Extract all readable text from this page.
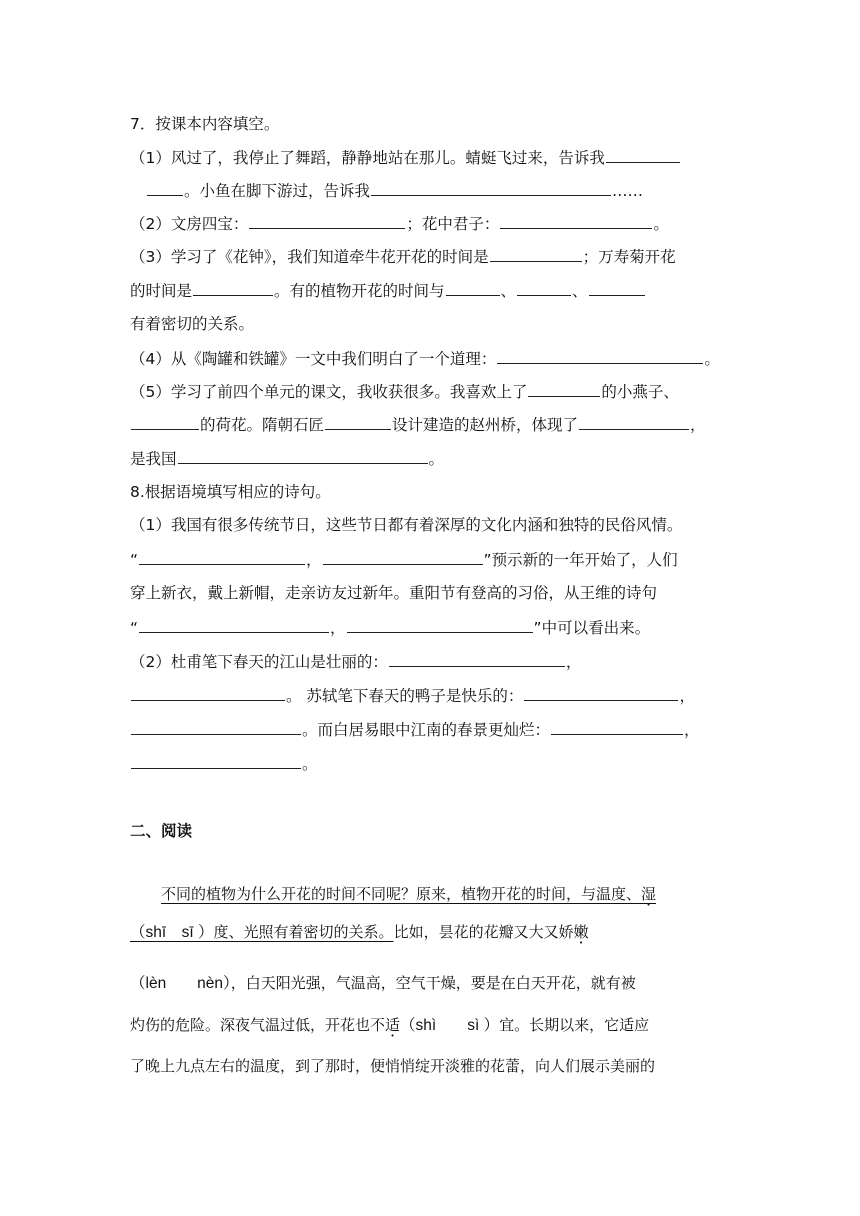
7．按课本内容填空。
（1）风过了，我停止了舞蹈，静静地站在那儿。蜻蜓飞过来，告诉我
。小鱼在脚下游过，告诉我	……
（2）文房四宝：	；花中君子：	。
（3）学习了《花钟》，我们知道牵牛花开花的时间是	；万寿菊开花
的时间是	。有的植物开花的时间与	、	、
有着密切的关系。
（4）从《陶罐和铁罐》一文中我们明白了一个道理：	。
（5）学习了前四个单元的课文，我收获很多。我喜欢上了	的小燕子、
的荷花。隋朝石匠	设计建造的赵州桥，体现了	，
是我国	。
8.根据语境填写相应的诗句。
（1）我国有很多传统节日，这些节日都有着深厚的文化内涵和独特的民俗风情。
“	，	”预示新的一年开始了，人们
穿上新衣，戴上新帽，走亲访友过新年。重阳节有登高的习俗，从王维的诗句
“	，	”中可以看出来。
（2）杜甫笔下春天的江山是壮丽的：	，
。 苏轼笔下春天的鸭子是快乐的：	，
。而白居易眼中江南的春景更灿烂：	，
。
二、阅读
不同的植物为什么开花的时间不同呢？原来，植物开花的时间，与温度、湿
（shī　sī ）度、光照有着密切的关系。比如，昙花的花瓣又大又娇嫩
（lèn　　nèn），白天阳光强，气温高，空气干燥，要是在白天开花，就有被
灼伤的危险。深夜气温过低，开花也不适（shì　　sì ）宜。长期以来，它适应
了晚上九点左右的温度，到了那时，便悄悄绽开淡雅的花蕾，向人们展示美丽的
